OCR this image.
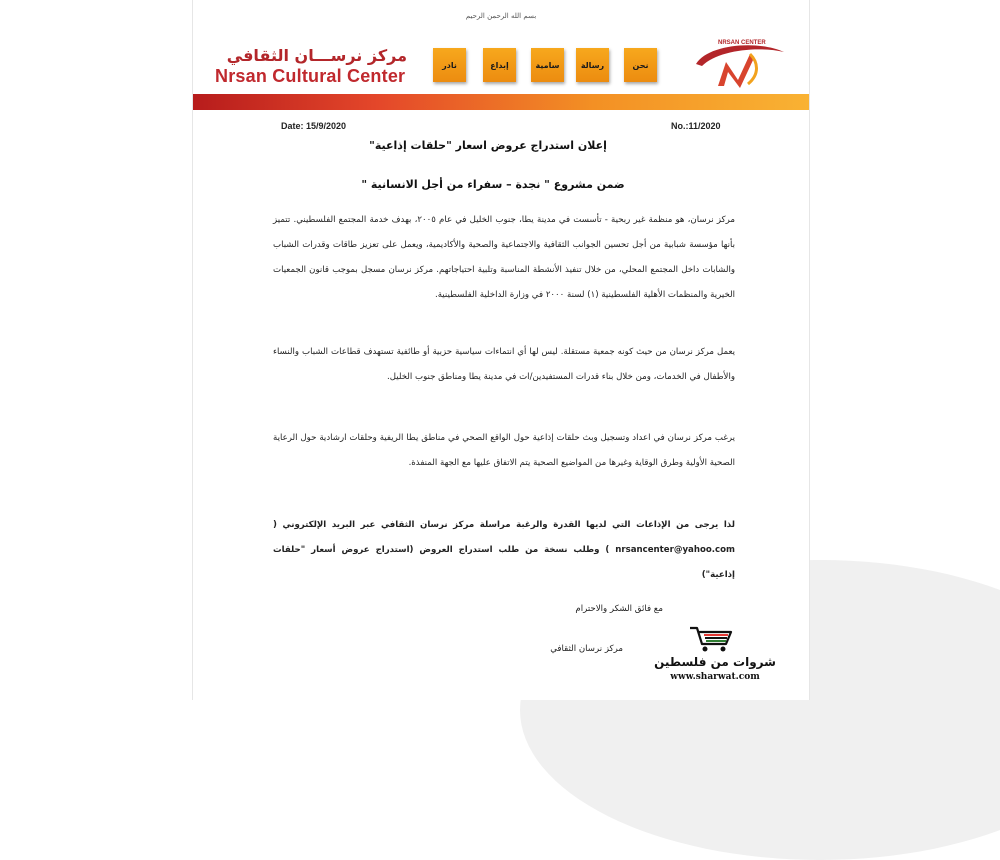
بسم الله الرحمن الرحيم
مركز نرســـان الثقافي
Nrsan Cultural Center
نادر	إبداع	سامية	رسالة	نحن
NRSAN CENTER
Date: 15/9/2020	No.:11/2020
إعلان استدراج عروض اسعار "حلقات إذاعية"
ضمن مشروع " نجدة – سفراء من أجل الانسانية "
مركز نرسان، هو منظمة غير ربحية - تأسست في مدينة يطا، جنوب الخليل في عام ٢٠٠٥، بهدف خدمة المجتمع الفلسطيني. تتميز بأنها مؤسسة شبابية من أجل تحسين الجوانب الثقافية والاجتماعية والصحية والأكاديمية، ويعمل على تعزيز طاقات وقدرات الشباب والشابات داخل المجتمع المحلي، من خلال تنفيذ الأنشطة المناسبة وتلبية احتياجاتهم. مركز نرسان مسجل بموجب قانون الجمعيات الخيرية والمنظمات الأهلية الفلسطينية (١) لسنة ٢٠٠٠ في وزارة الداخلية الفلسطينية.
يعمل مركز نرسان من حيث كونه جمعية مستقلة. ليس لها أي انتماءات سياسية حزبية أو طائفية تستهدف قطاعات الشباب والنساء والأطفال في الخدمات، ومن خلال بناء قدرات المستفيدين/ات في مدينة يطا ومناطق جنوب الخليل.
يرغب مركز نرسان في اعداد وتسجيل وبث حلقات إذاعية حول الواقع الصحي في مناطق يطا الريفية وحلقات ارشادية حول الرعاية الصحية الأولية وطرق الوقاية وغيرها من المواضيع الصحية يتم الاتفاق عليها مع الجهة المنفذة.
لذا يرجى من الإذاعات التي لديها القدرة والرغبة مراسلة مركز نرسان الثقافي عبر البريد الإلكتروني ( nrsancenter@yahoo.com ) وطلب نسخة من طلب استدراج العروض (استدراج عروض أسعار "حلقات إذاعية")
مع فائق الشكر والاحترام
مركز نرسان الثقافي
شروات من فلسطين
www.sharwat.com
